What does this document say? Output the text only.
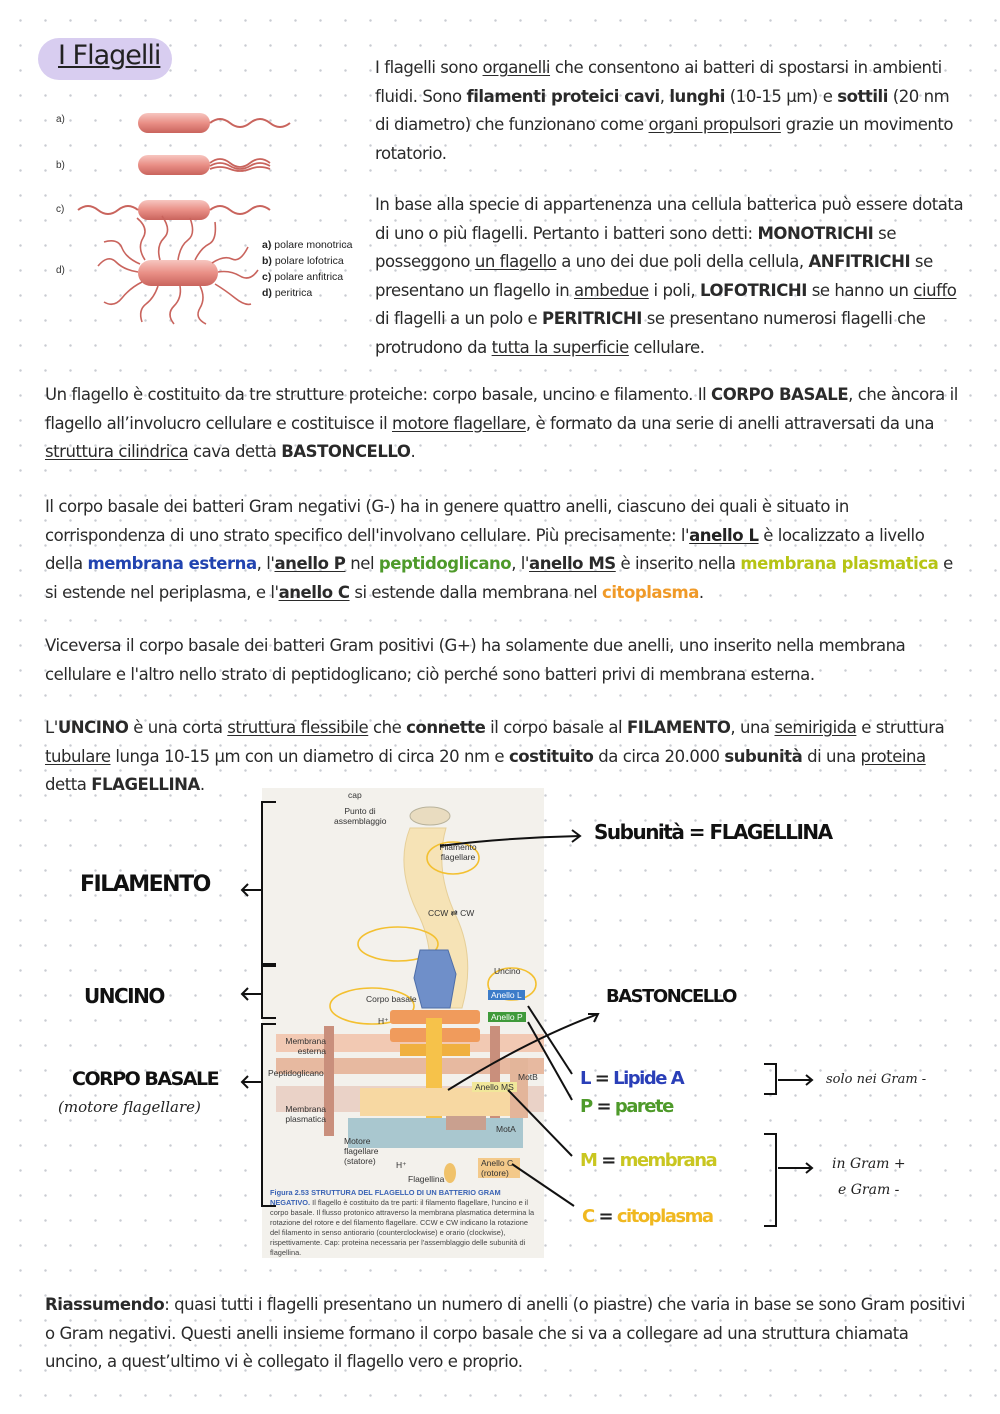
I Flagelli
a)
b)
c)
d)
a) polare monotrica
b) polare lofotrica
c) polare anfitrica
d) peritrica
I flagelli sono organelli che consentono ai batteri di spostarsi in ambienti fluidi. Sono filamenti proteici cavi, lunghi (10-15 μm) e sottili (20 nm di diametro) che funzionano come organi propulsori grazie un movimento rotatorio.
In base alla specie di appartenenza una cellula batterica può essere dotata di uno o più flagelli. Pertanto i batteri sono detti: MONOTRICHI se posseggono un flagello a uno dei due poli della cellula, ANFITRICHI se presentano un flagello in ambedue i poli, LOFOTRICHI se hanno un ciuffo di flagelli a un polo e PERITRICHI se presentano numerosi flagelli che protrudono da tutta la superficie cellulare.
Un flagello è costituito da tre strutture proteiche: corpo basale, uncino e filamento. Il CORPO BASALE, che àncora il flagello all’involucro cellulare e costituisce il motore flagellare, è formato da una serie di anelli attraversati da una struttura cilindrica cava detta BASTONCELLO.
Il corpo basale dei batteri Gram negativi (G-) ha in genere quattro anelli, ciascuno dei quali è situato in corrispondenza di uno strato specifico dell'involvano cellulare. Più precisamente: l'anello L è localizzato a livello della membrana esterna, l'anello P nel peptidoglicano, l'anello MS è inserito nella membrana plasmatica e si estende nel periplasma, e l'anello C si estende dalla membrana nel citoplasma.
Viceversa il corpo basale dei batteri Gram positivi (G+) ha solamente due anelli, uno inserito nella membrana cellulare e l'altro nello strato di peptidoglicano; ciò perché sono batteri privi di membrana esterna.
L'UNCINO è una corta struttura flessibile che connette il corpo basale al FILAMENTO, una semirigida e struttura tubulare lunga 10-15 μm con un diametro di circa 20 nm e costituito da circa 20.000 subunità di una proteina detta FLAGELLINA.
cap
Punto di assemblaggio
Filamento flagellare
CCW ⇄ CW
Uncino
Corpo basale	Anello L
Anello P
Membrana esterna
Peptidoglicano
Membrana plasmatica
Anello MS
MotB
MotA
Motore flagellare (statore)	Anello C (rotore)
Flagellina
H⁺
H⁺
Figura 2.53 STRUTTURA DEL FLAGELLO DI UN BATTERIO GRAM NEGATIVO. Il flagello è costituito da tre parti: il filamento flagellare, l'uncino e il corpo basale. Il flusso protonico attraverso la membrana plasmatica determina la rotazione del rotore e del filamento flagellare. CCW e CW indicano la rotazione del filamento in senso antiorario (counterclockwise) e orario (clockwise), rispettivamente. Cap: proteina necessaria per l'assemblaggio delle subunità di flagellina.
FILAMENTO
UNCINO
CORPO BASALE
(motore flagellare)
Subunità = FLAGELLINA
BASTONCELLO
L = Lipide A
P = parete
M = membrana
C = citoplasma
solo nei Gram -
in Gram +
e Gram -
Riassumendo: quasi tutti i flagelli presentano un numero di anelli (o piastre) che varia in base se sono Gram positivi o Gram negativi. Questi anelli insieme formano il corpo basale che si va a collegare ad una struttura chiamata uncino, a quest’ultimo vi è collegato il flagello vero e proprio.
